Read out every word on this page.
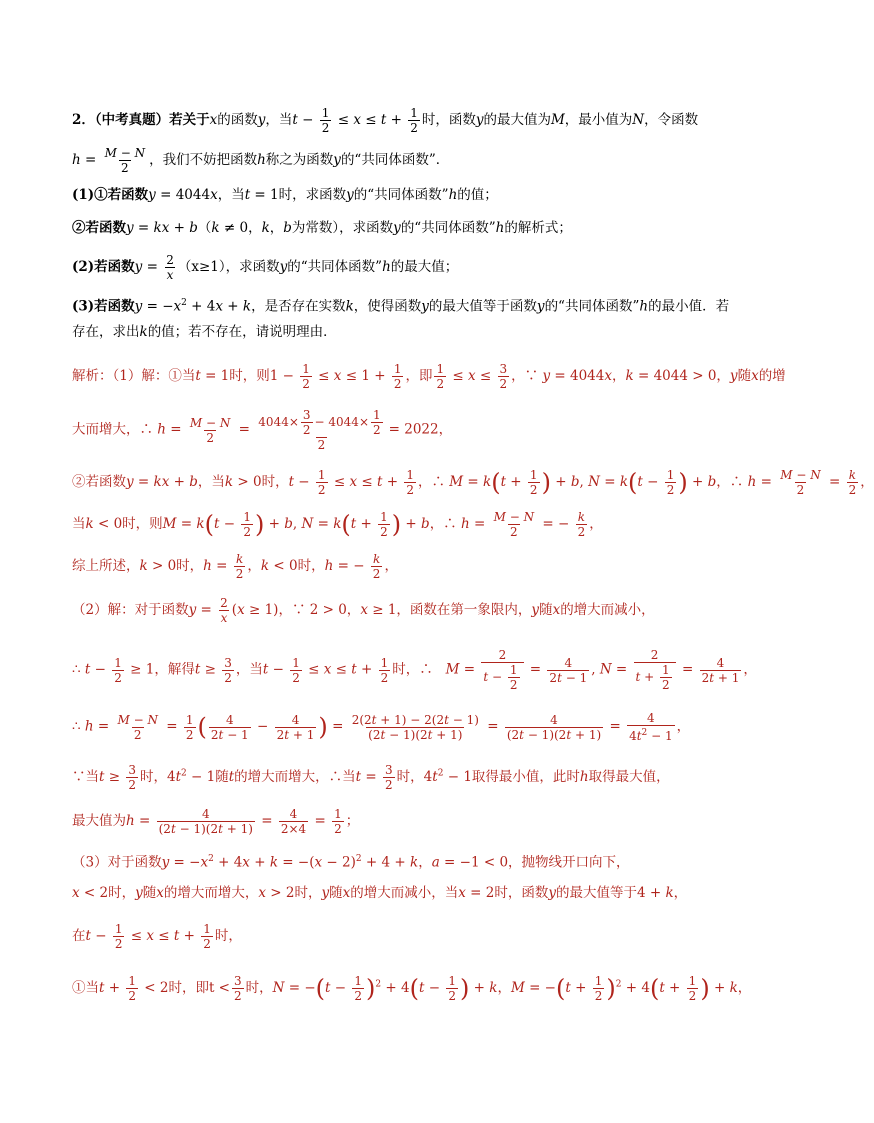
2．（中考真题）若关于x的函数y，当$t - \frac{1}{2} \le x \le t + \frac{1}{2}$ 时，函数y的最大值为M，最小值为N，令函数
$h = \frac{M - N}{2}$ ，我们不妨把函数h称之为函数y的“共同体函数”．
(1)①若函数y = 4044x，当t = 1时，求函数y的“共同体函数”h的值；
②若函数y = kx + b（k ≠ 0，k，b为常数），求函数y的“共同体函数”h的解析式；
(2)若函数$y = \frac{2}{x} (x\ge 1)$，求函数y的“共同体函数”h的最大值；
(3)若函数$y = -x^2 + 4x + k$，是否存在实数k，使得函数y的最大值等于函数y的“共同体函数”h的最小值．若
存在，求出k的值；若不存在，请说明理由．
解析：（1）解：①当t = 1时，则$1 - \frac{1}{2} \le x \le 1 + \frac{1}{2}$ ，即 $\frac{1}{2} \le x \le \frac{3}{2}$ ，∵ y = 4044x，k = 4044 > 0，y随x的增
大而增大，∴ $h = \frac{M - N}{2} = \frac{4044\times \frac{3}{2} - 4044\times \frac{1}{2}}{2} = 2022$，
②若函数y = kx + b，当k > 0时，$t - \frac{1}{2} \le x \le t + \frac{1}{2}$ ，∴ $M = k(t + \frac{1}{2}$ ) + b, $N = k(t - \frac{1}{2}$ ) + b，∴ $h = \frac{M - N}{2} = \frac{k}{2}$ ，
当k < 0时，则$M = k(t - \frac{1}{2}$ ) + b, $N = k(t + \frac{1}{2}$ ) + b，∴ $h = \frac{M - N}{2}$ = − $\frac{k}{2}$ ，
综上所述，k > 0时，$h = \frac{k}{2}$ ，k < 0时，h = − $\frac{k}{2}$ ，
（2）解：对于函数$y = \frac{2}{x} (x \ge 1)$，∵ 2 > 0，x ≥ 1，函数在第一象限内，y随x的增大而减小，
∴ $t - \frac{1}{2} \ge 1$，解得$t \ge \frac{3}{2}$ ，当$t - \frac{1}{2} \le x \le t + \frac{1}{2}$ 时，∴   $M = \frac{2}{t - \frac{1}{2}} = \frac{4}{2t - 1}$ , $N = \frac{2}{t + \frac{1}{2}} = \frac{4}{2t + 1}$ ，
∴ $h = \frac{M - N}{2} = \frac{1}{2}$ ( $\frac{4}{2t - 1} - \frac{4}{2t + 1}$ ) = $\frac{2(2t + 1) - 2(2t - 1)}{(2t - 1)(2t + 1)} = \frac{4}{(2t - 1)(2t + 1)} = \frac{4}{4t^2 - 1}$ ，
∵当$t \ge \frac{3}{2}$ 时，$4t^2 - 1$随t的增大而增大，∴当$t = \frac{3}{2}$ 时，$4t^2 - 1$取得最小值，此时h取得最大值，
最大值为$h = \frac{4}{(2t - 1)(2t + 1)} = \frac{4}{2\times 4} = \frac{1}{2}$ ；
（3）对于函数$y = -x^2 + 4x + k = -(x - 2)^2 + 4 + k$，a = −1 < 0，抛物线开口向下，
x < 2时，y随x的增大而增大，x > 2时，y随x的增大而减小，当x = 2时，函数y的最大值等于4 + k，
在$t - \frac{1}{2} \le x \le t + \frac{1}{2}$ 时，
①当$t + \frac{1}{2} < 2$时，即$t < \frac{3}{2}$ 时，$N = -(t - \frac{1}{2} )^2 + 4(t - \frac{1}{2}$ ) + k，$M = -(t + \frac{1}{2} )^2 + 4(t + \frac{1}{2}$ ) + k，
